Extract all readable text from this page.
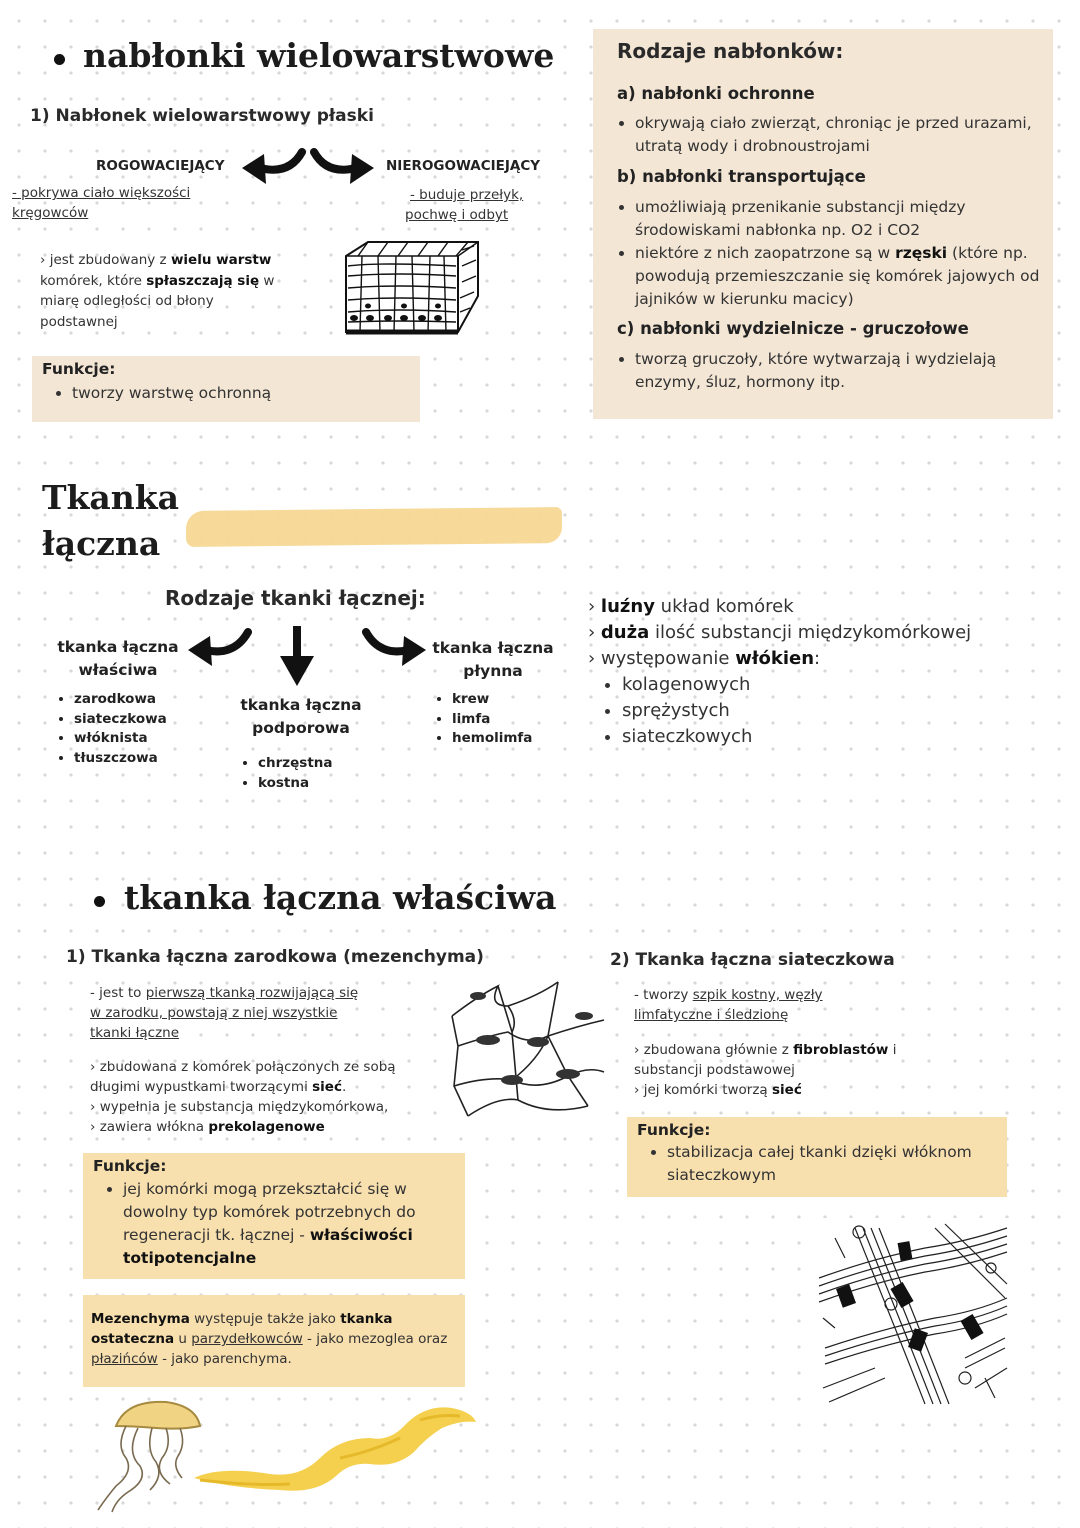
nabłonki wielowarstwowe
1) Nabłonek wielowarstwowy płaski
ROGOWACIEJĄCY	NIEROGOWACIEJĄCY
- pokrywa ciało większości kręgowców
- buduje przełyk,
pochwę i odbyt
› jest zbudowany z wielu warstw komórek, które spłaszczają się w miarę odległości od błony podstawnej
Funkcje:
• tworzy warstwę ochronną
Rodzaje nabłonków:
a) nabłonki ochronne
• okrywają ciało zwierząt, chroniąc je przed urazami, utratą wody i drobnoustrojami
b) nabłonki transportujące
• umożliwiają przenikanie substancji między środowiskami nabłonka np. O2 i CO2
• niektóre z nich zaopatrzone są w rzęski (które np. powodują przemieszczanie się komórek jajowych od jajników w kierunku macicy)
c) nabłonki wydzielnicze - gruczołowe
• tworzą gruczoły, które wytwarzają i wydzielają enzymy, śluz, hormony itp.
Tkanka
łączna
Rodzaje tkanki łącznej:
tkanka łączna
właściwa
• zarodkowa
• siateczkowa
• włóknista
• tłuszczowa
tkanka łączna
podporowa
• chrzęstna
• kostna
tkanka łączna
płynna
• krew
• limfa
• hemolimfa
› luźny układ komórek
› duża ilość substancji międzykomórkowej
› występowanie włókien:
• kolagenowych
• sprężystych
• siateczkowych
tkanka łączna właściwa
1) Tkanka łączna zarodkowa (mezenchyma)
- jest to pierwszą tkanką rozwijającą się w zarodku, powstają z niej wszystkie tkanki łączne
› zbudowana z komórek połączonych ze sobą długimi wypustkami tworzącymi sieć.
› wypełnia je substancja międzykomórkowa,
› zawiera włókna prekolagenowe
Funkcje:
• jej komórki mogą przekształcić się w dowolny typ komórek potrzebnych do regeneracji tk. łącznej - właściwości totipotencjalne
Mezenchyma występuje także jako tkanka ostateczna u parzydełkowców - jako mezoglea oraz płazińców - jako parenchyma.
2) Tkanka łączna siateczkowa
- tworzy szpik kostny, węzły limfatyczne i śledzionę
› zbudowana głównie z fibroblastów i substancji podstawowej
› jej komórki tworzą sieć
Funkcje:
• stabilizacja całej tkanki dzięki włóknom siateczkowym
